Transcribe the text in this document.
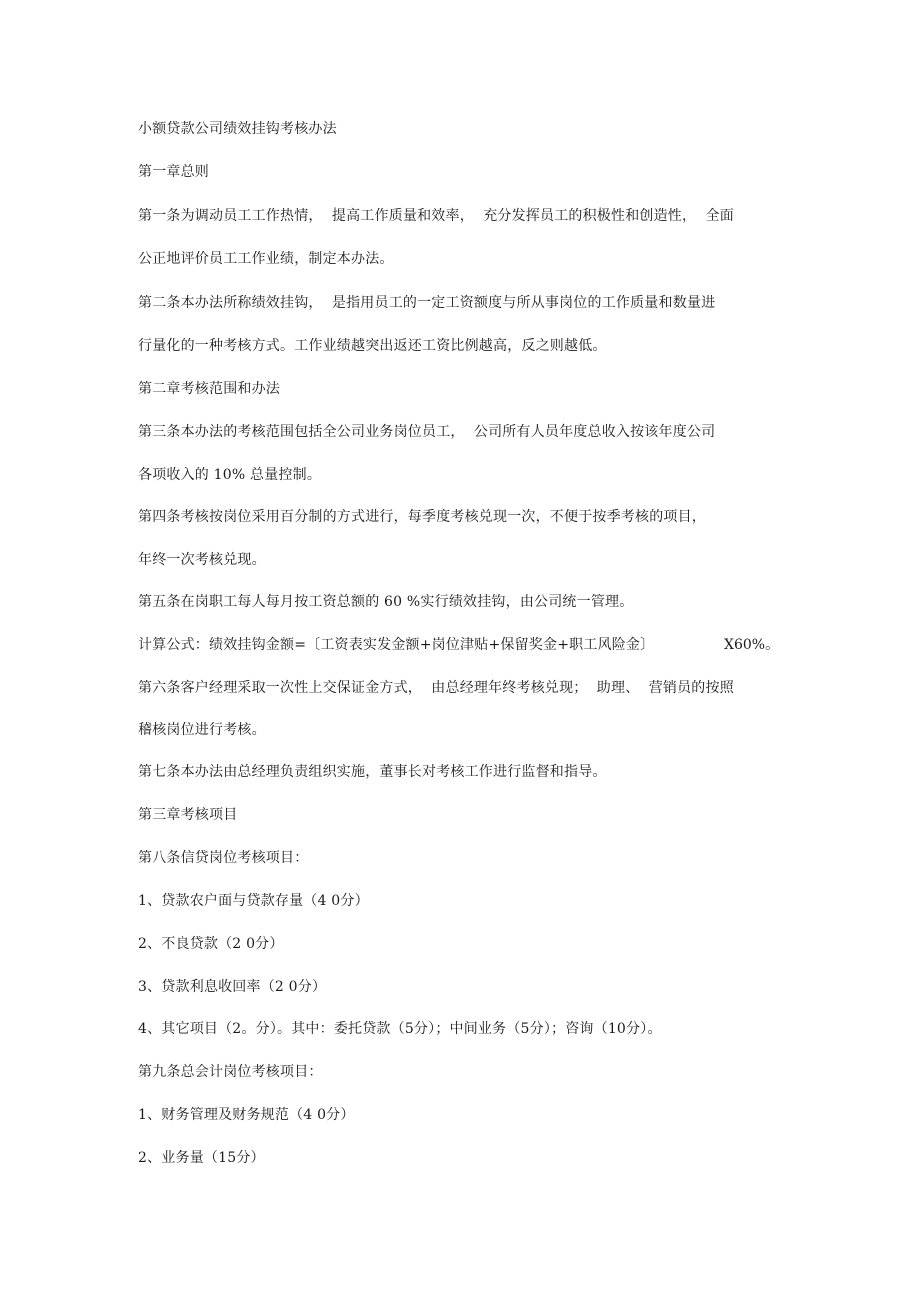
小额贷款公司绩效挂钩考核办法
第一章总则
第一条为调动员工工作热情，  提高工作质量和效率，  充分发挥员工的积极性和创造性，  全面
公正地评价员工工作业绩，制定本办法。
第二条本办法所称绩效挂钩，  是指用员工的一定工资额度与所从事岗位的工作质量和数量进
行量化的一种考核方式。工作业绩越突出返还工资比例越高，反之则越低。
第二章考核范围和办法
第三条本办法的考核范围包括全公司业务岗位员工，  公司所有人员年度总收入按该年度公司
各项收入的 10% 总量控制。
第四条考核按岗位采用百分制的方式进行，每季度考核兑现一次，不便于按季考核的项目，
年终一次考核兑现。
第五条在岗职工每人每月按工资总额的 60 %实行绩效挂钩，由公司统一管理。
计算公式：绩效挂钩金额=〔工资表实发金额+岗位津贴+保留奖金+职工风险金〕	X60%。
第六条客户经理采取一次性上交保证金方式，  由总经理年终考核兑现；  助理、  营销员的按照
稽核岗位进行考核。
第七条本办法由总经理负责组织实施，董事长对考核工作进行监督和指导。
第三章考核项目
第八条信贷岗位考核项目：
1、贷款农户面与贷款存量（4 0分）
2、不良贷款（2 0分）
3、贷款利息收回率（2 0分）
4、其它项目（2。分）。其中：委托贷款（5分）；中间业务（5分）；咨询（10分）。
第九条总会计岗位考核项目：
1、财务管理及财务规范（4 0分）
2、业务量（15分）
